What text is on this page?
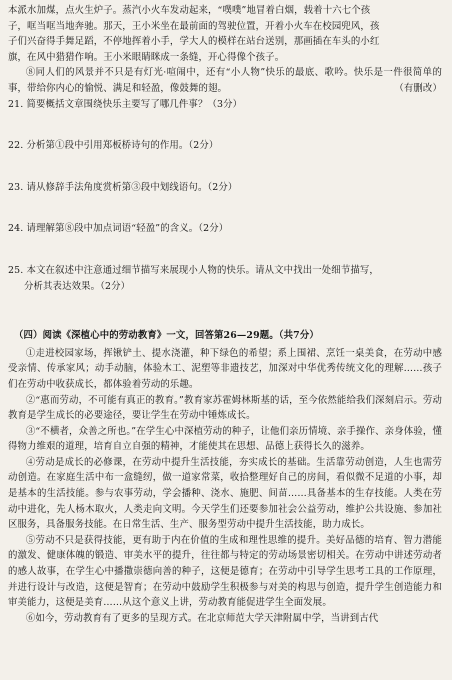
本派水加煤，点火生炉子。蒸汽小火车发动起来，“噗噗”地冒着白烟，载着十六七个孩

子，哐当哐当地奔驰。那天，王小米坐在最前面的驾驶位置，开着小火车在校园兜风，孩

子们兴奋得手舞足蹈，不停地挥着小手，学大人的模样在站台送别，那画插在车头的小红

旗，在风中猎猎作响。王小米眼睛眯成一条缝，开心得像个孩子。

⑧同人们的风景并不只是有灯光·喧闹中，还有“小人物”快乐的最底、歌吟。快乐是一件很简单的事，带给你内心的愉悦、满足和轻盈，像鼓舞的翅。	（有删改）

21. 简要概括文章围绕快乐主要写了哪几件事？（3分）

22. 分析第①段中引用郑板桥诗句的作用。（2分）

23. 请从修辞手法角度赏析第③段中划线语句。（2分）

24. 请理解第⑧段中加点词语“轻盈”的含义。（2分）

25. 本文在叙述中注意通过细节描写来展现小人物的快乐。请从文中找出一处细节描写，
分析其表达效果。（2分）

（四）阅读《深植心中的劳动教育》一文，回答第26—29题。（共7分）

①走进校园家场，挥锹铲土、提水浇灌，种下绿色的希望；系上围裙、烹饪一桌美食，在劳动中感受亲情、传承家风；动手动脑，体验木工、泥塑等非遗技艺，加深对中华优秀传统文化的理解……孩子们在劳动中收获成长，都体验着劳动的乐趣。

②“惠而劳动，不可能有真正的教育。”教育家苏霍姆林斯基的话，至今依然能给我们深刻启示。劳动教育是学生成长的必要途径，要让学生在劳动中锤炼成长。

③“不横者，众善之所也。”在学生心中深植劳动的种子，让他们亲历情境、亲手操作、亲身体验，懂得物力维艰的道理，培育自立自强的精神，才能使其在思想、品德上获得长久的滋养。

④劳动是成长的必修课，在劳动中提升生活技能，夯实成长的基础。生活靠劳动创造，人生也需劳动创造。在家庭生活中布一盒缝纫，做一道家常菜，收拾整理好自己的房间，看似微不足道的小事，却是基本的生活技能。参与农事劳动，学会播种、浇水、施肥、间苗……具备基本的生存技能。人类在劳动中进化，先人杨木取火，人类走向文明。今天学生们还要参加社会公益劳动，维护公共设施、参加社区服务，具备服务技能。在日常生活、生产、服务型劳动中提升生活技能，助力成长。

⑤劳动不只是获得技能，更有助于内在价值的生成和理性思维的提升。美好品德的培育、智力潜能的激发、健康体魄的锻造、审美水平的提升，往往都与特定的劳动场景密切相关。在劳动中讲述劳动者的感人故事，在学生心中播撒崇德向善的种子，这便是德育；在劳动中引导学生思考工具的工作原理，并进行设计与改造，这便是智育；在劳动中鼓励学生积极参与对美的构思与创造，提升学生创造能力和审美能力，这便是美育……从这个意义上讲，劳动教育能促进学生全面发展。

⑥如今，劳动教育有了更多的呈现方式。在北京师范大学天津附属中学，当讲到古代
